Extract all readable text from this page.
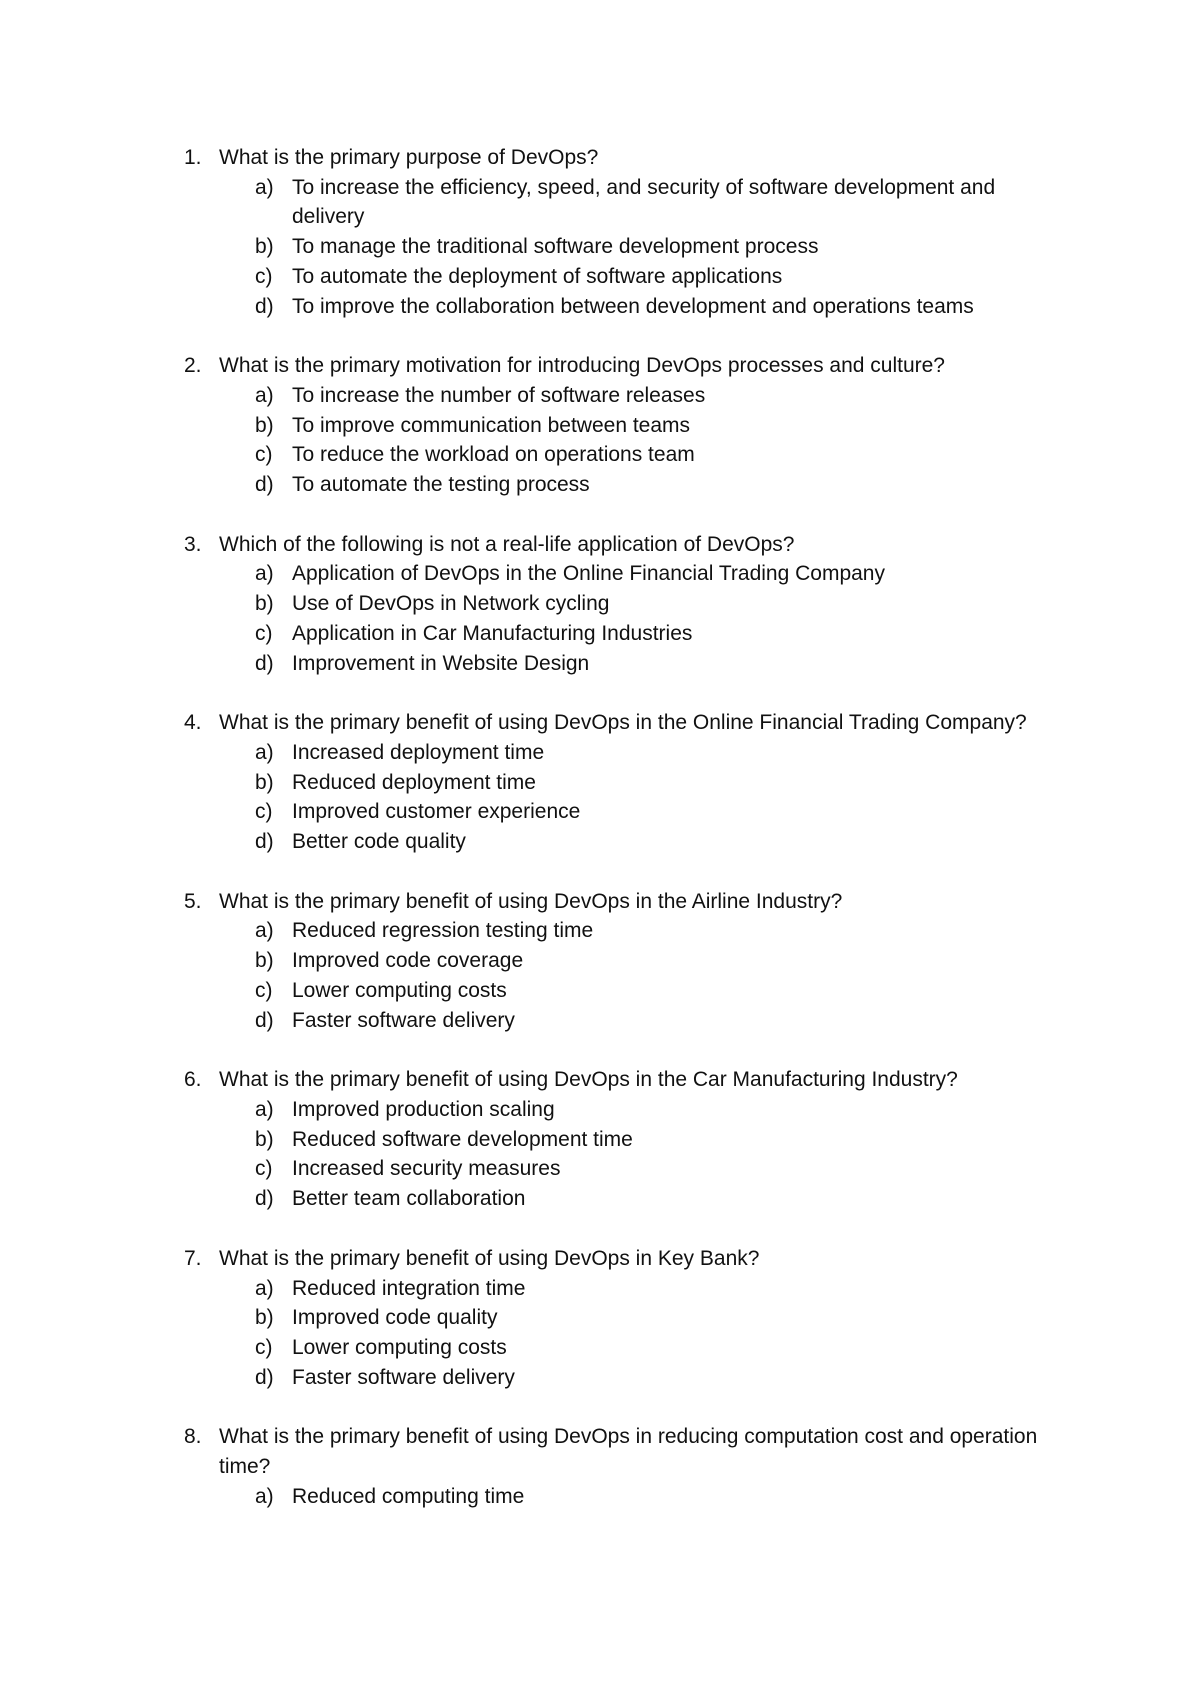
1. What is the primary purpose of DevOps?
a) To increase the efficiency, speed, and security of software development and delivery
b) To manage the traditional software development process
c) To automate the deployment of software applications
d) To improve the collaboration between development and operations teams
2. What is the primary motivation for introducing DevOps processes and culture?
a) To increase the number of software releases
b) To improve communication between teams
c) To reduce the workload on operations team
d) To automate the testing process
3. Which of the following is not a real-life application of DevOps?
a) Application of DevOps in the Online Financial Trading Company
b) Use of DevOps in Network cycling
c) Application in Car Manufacturing Industries
d) Improvement in Website Design
4. What is the primary benefit of using DevOps in the Online Financial Trading Company?
a) Increased deployment time
b) Reduced deployment time
c) Improved customer experience
d) Better code quality
5. What is the primary benefit of using DevOps in the Airline Industry?
a) Reduced regression testing time
b) Improved code coverage
c) Lower computing costs
d) Faster software delivery
6. What is the primary benefit of using DevOps in the Car Manufacturing Industry?
a) Improved production scaling
b) Reduced software development time
c) Increased security measures
d) Better team collaboration
7. What is the primary benefit of using DevOps in Key Bank?
a) Reduced integration time
b) Improved code quality
c) Lower computing costs
d) Faster software delivery
8. What is the primary benefit of using DevOps in reducing computation cost and operation time?
a) Reduced computing time
